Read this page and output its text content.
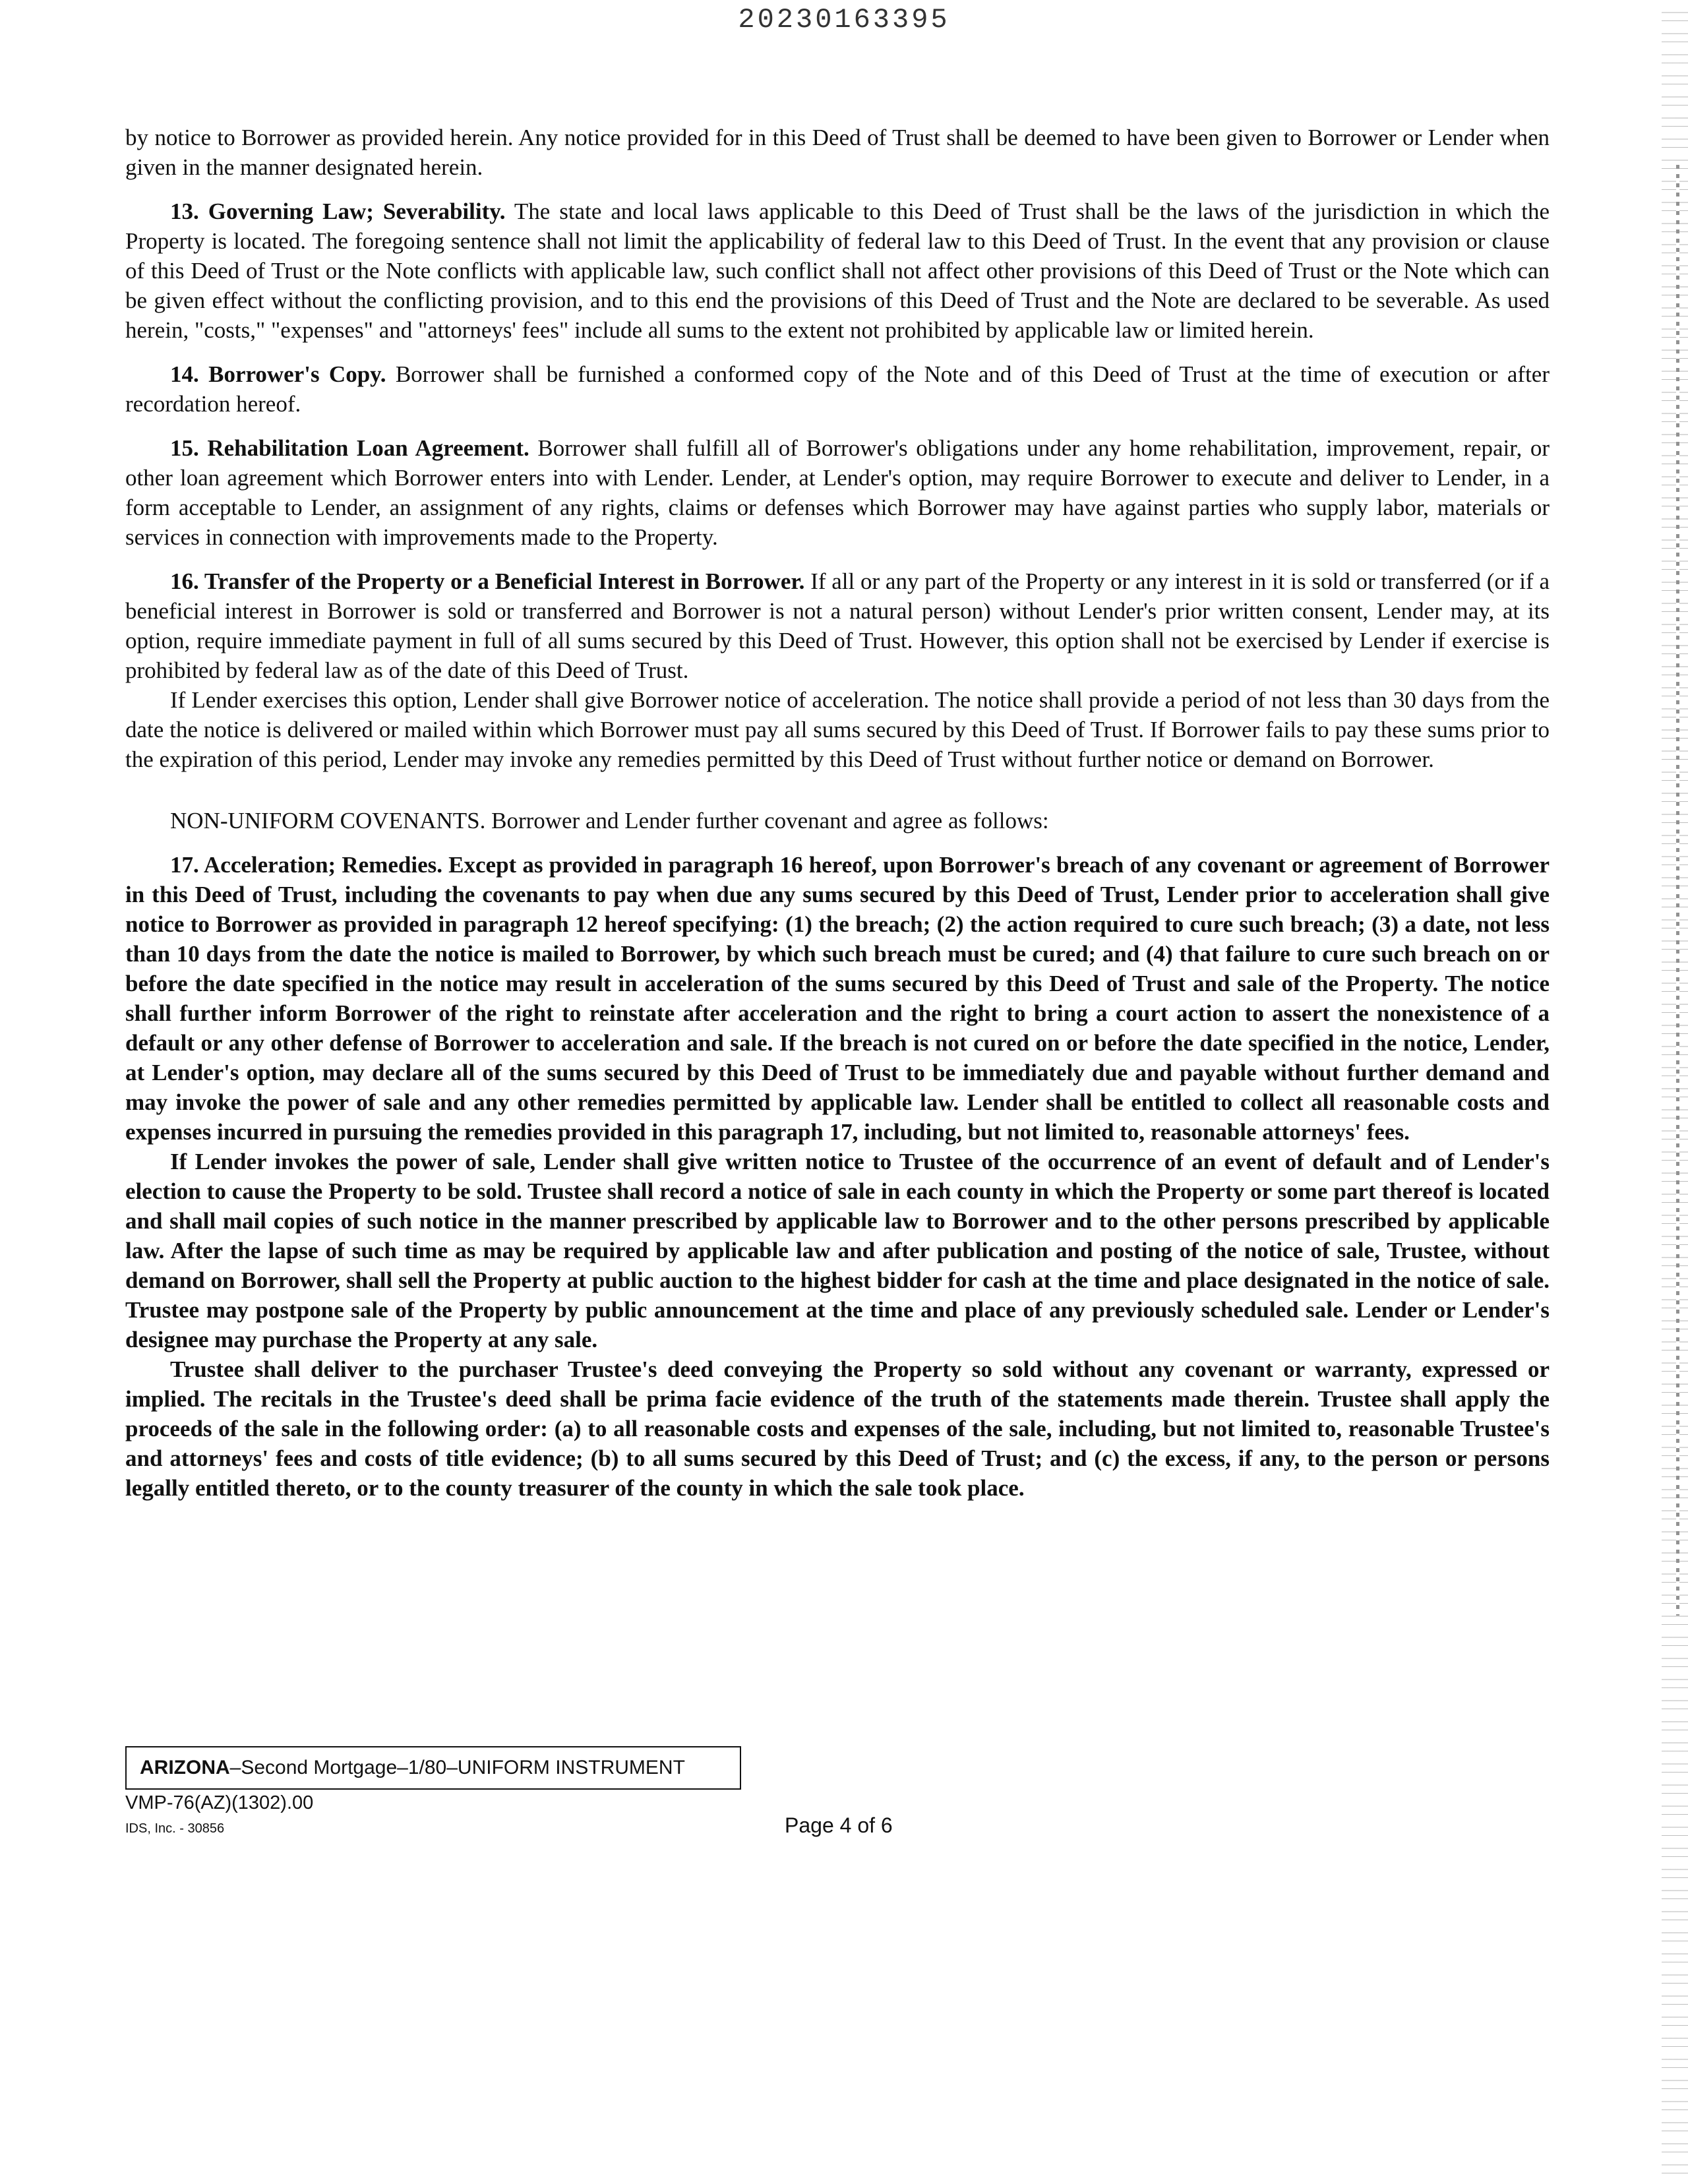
20230163395

by notice to Borrower as provided herein. Any notice provided for in this Deed of Trust shall be deemed to have been given to Borrower or Lender when given in the manner designated herein.

13. Governing Law; Severability. The state and local laws applicable to this Deed of Trust shall be the laws of the jurisdiction in which the Property is located. The foregoing sentence shall not limit the applicability of federal law to this Deed of Trust. In the event that any provision or clause of this Deed of Trust or the Note conflicts with applicable law, such conflict shall not affect other provisions of this Deed of Trust or the Note which can be given effect without the conflicting provision, and to this end the provisions of this Deed of Trust and the Note are declared to be severable. As used herein, "costs," "expenses" and "attorneys' fees" include all sums to the extent not prohibited by applicable law or limited herein.

14. Borrower's Copy. Borrower shall be furnished a conformed copy of the Note and of this Deed of Trust at the time of execution or after recordation hereof.

15. Rehabilitation Loan Agreement. Borrower shall fulfill all of Borrower's obligations under any home rehabilitation, improvement, repair, or other loan agreement which Borrower enters into with Lender. Lender, at Lender's option, may require Borrower to execute and deliver to Lender, in a form acceptable to Lender, an assignment of any rights, claims or defenses which Borrower may have against parties who supply labor, materials or services in connection with improvements made to the Property.

16. Transfer of the Property or a Beneficial Interest in Borrower. If all or any part of the Property or any interest in it is sold or transferred (or if a beneficial interest in Borrower is sold or transferred and Borrower is not a natural person) without Lender's prior written consent, Lender may, at its option, require immediate payment in full of all sums secured by this Deed of Trust. However, this option shall not be exercised by Lender if exercise is prohibited by federal law as of the date of this Deed of Trust.

If Lender exercises this option, Lender shall give Borrower notice of acceleration. The notice shall provide a period of not less than 30 days from the date the notice is delivered or mailed within which Borrower must pay all sums secured by this Deed of Trust. If Borrower fails to pay these sums prior to the expiration of this period, Lender may invoke any remedies permitted by this Deed of Trust without further notice or demand on Borrower.

NON-UNIFORM COVENANTS. Borrower and Lender further covenant and agree as follows:

17. Acceleration; Remedies. Except as provided in paragraph 16 hereof, upon Borrower's breach of any covenant or agreement of Borrower in this Deed of Trust, including the covenants to pay when due any sums secured by this Deed of Trust, Lender prior to acceleration shall give notice to Borrower as provided in paragraph 12 hereof specifying: (1) the breach; (2) the action required to cure such breach; (3) a date, not less than 10 days from the date the notice is mailed to Borrower, by which such breach must be cured; and (4) that failure to cure such breach on or before the date specified in the notice may result in acceleration of the sums secured by this Deed of Trust and sale of the Property. The notice shall further inform Borrower of the right to reinstate after acceleration and the right to bring a court action to assert the nonexistence of a default or any other defense of Borrower to acceleration and sale. If the breach is not cured on or before the date specified in the notice, Lender, at Lender's option, may declare all of the sums secured by this Deed of Trust to be immediately due and payable without further demand and may invoke the power of sale and any other remedies permitted by applicable law. Lender shall be entitled to collect all reasonable costs and expenses incurred in pursuing the remedies provided in this paragraph 17, including, but not limited to, reasonable attorneys' fees.

If Lender invokes the power of sale, Lender shall give written notice to Trustee of the occurrence of an event of default and of Lender's election to cause the Property to be sold. Trustee shall record a notice of sale in each county in which the Property or some part thereof is located and shall mail copies of such notice in the manner prescribed by applicable law to Borrower and to the other persons prescribed by applicable law. After the lapse of such time as may be required by applicable law and after publication and posting of the notice of sale, Trustee, without demand on Borrower, shall sell the Property at public auction to the highest bidder for cash at the time and place designated in the notice of sale. Trustee may postpone sale of the Property by public announcement at the time and place of any previously scheduled sale. Lender or Lender's designee may purchase the Property at any sale.

Trustee shall deliver to the purchaser Trustee's deed conveying the Property so sold without any covenant or warranty, expressed or implied. The recitals in the Trustee's deed shall be prima facie evidence of the truth of the statements made therein. Trustee shall apply the proceeds of the sale in the following order: (a) to all reasonable costs and expenses of the sale, including, but not limited to, reasonable Trustee's and attorneys' fees and costs of title evidence; (b) to all sums secured by this Deed of Trust; and (c) the excess, if any, to the person or persons legally entitled thereto, or to the county treasurer of the county in which the sale took place.

ARIZONA–Second Mortgage–1/80–UNIFORM INSTRUMENT
VMP-76(AZ)(1302).00
IDS, Inc. - 30856	Page 4 of 6
